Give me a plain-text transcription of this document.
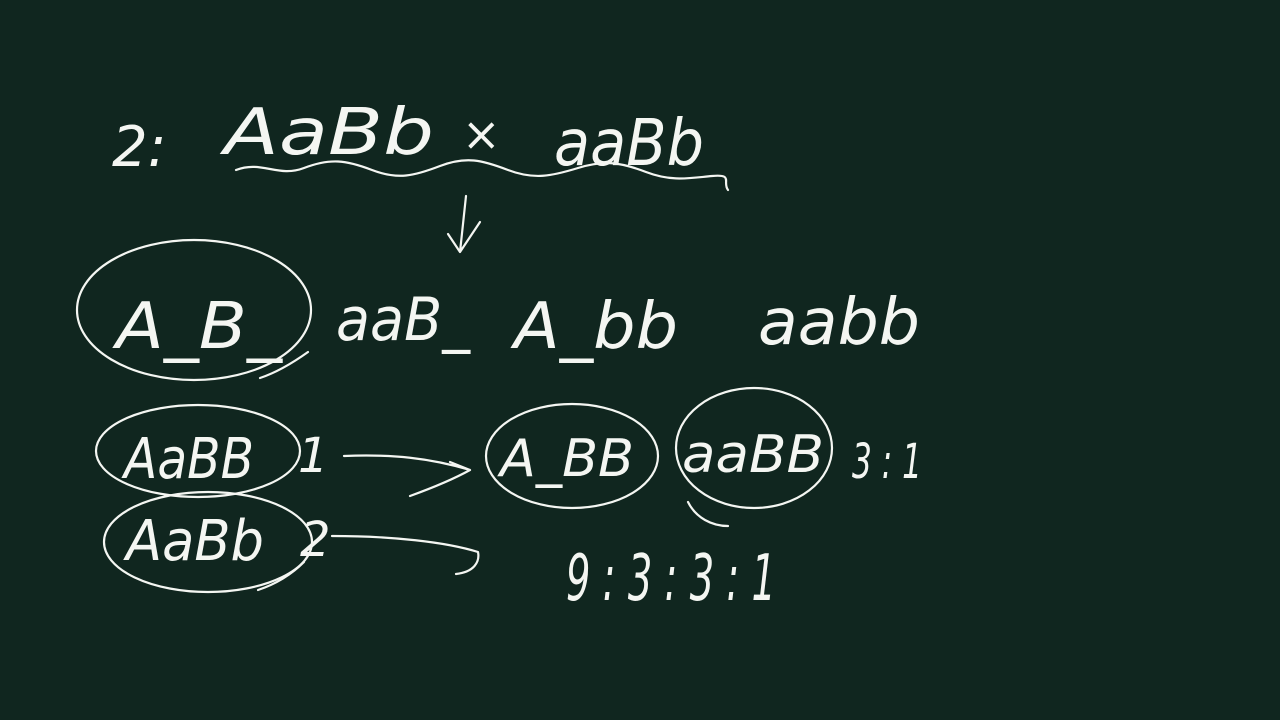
2: AaBb × aaBb
A_B_ aaB_ A_bb aabb
AaBB 1
AaBb 2
A_BB aaBB 3 : 1
9 : 3 : 3 : 1
